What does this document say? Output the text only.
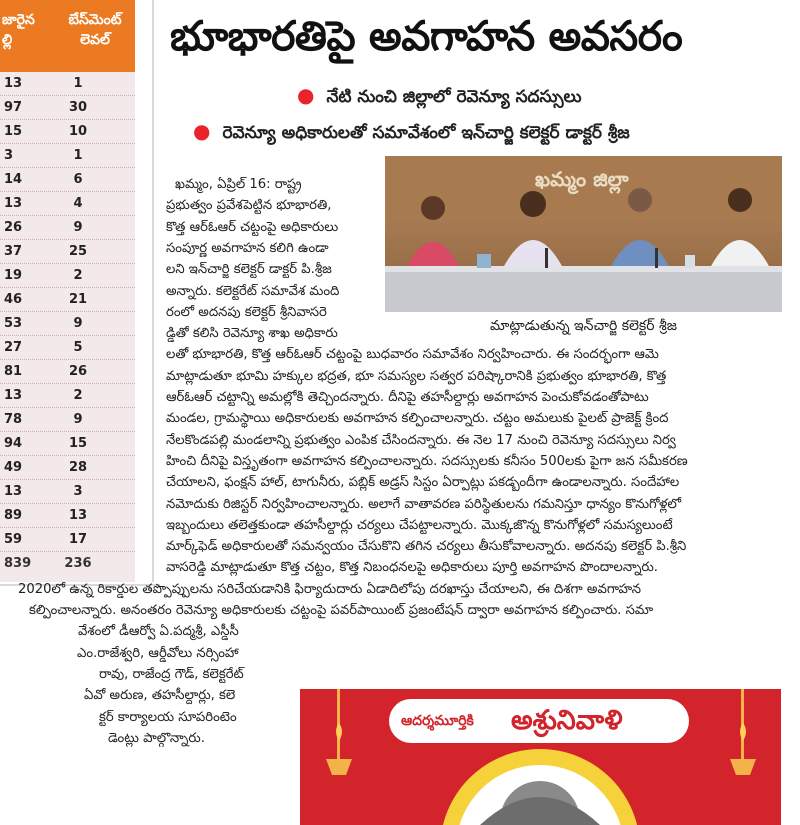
జారైన ల్లి
బేస్‌మెంట్ లెవల్
13	1
97	30
15	10
3	1
14	6
13	4
26	9
37	25
19	2
46	21
53	9
27	5
81	26
13	2
78	9
94	15
49	28
13	3
89	13
59	17
839	236
భూభారతిపై అవగాహన అవసరం
● నేటి నుంచి జిల్లాలో రెవెన్యూ సదస్సులు
● రెవెన్యూ అధికారులతో సమావేశంలో ఇన్‌చార్జి కలెక్టర్ డాక్టర్ శ్రీజ
ఖమ్మం జిల్లా
మాట్లాడుతున్న ఇన్‌చార్జి కలెక్టర్ శ్రీజ
ఖమ్మం, ఏప్రిల్ 16: రాష్ట్ర
ప్రభుత్వం ప్రవేశపెట్టిన భూభారతి,
కొత్త ఆర్ఓఆర్ చట్టంపై అధికారులు
సంపూర్ణ అవగాహన కలిగి ఉండా
లని ఇన్‌చార్జి కలెక్టర్ డాక్టర్ పి.శ్రీజ
అన్నారు. కలెక్టరేట్ సమావేశ మంది
రంలో అదనపు కలెక్టర్ శ్రీనివాసరె
డ్డితో కలిసి రెవెన్యూ శాఖ అధికారు
లతో భూభారతి, కొత్త ఆర్ఓఆర్ చట్టంపై బుధవారం సమావేశం నిర్వహించారు. ఈ సందర్భంగా ఆమె
మాట్లాడుతూ భూమి హక్కుల భద్రత, భూ సమస్యల సత్వర పరిష్కారానికి ప్రభుత్వం భూభారతి, కొత్త
ఆర్ఓఆర్ చట్టాన్ని అమల్లోకి తెచ్చిందన్నారు. దీనిపై తహసీల్దార్లు అవగాహన పెంచుకోవడంతోపాటు
మండల, గ్రామస్థాయి అధికారులకు అవగాహన కల్పించాలన్నారు. చట్టం అమలుకు పైలట్ ప్రాజెక్ట్ క్రింద
నేలకొండపల్లి మండలాన్ని ప్రభుత్వం ఎంపిక చేసిందన్నారు. ఈ నెల 17 నుంచి రెవెన్యూ సదస్సులు నిర్వ
హించి దీనిపై విస్తృతంగా అవగాహన కల్పించాలన్నారు. సదస్సులకు కనీసం 500లకు పైగా జన సమీకరణ
చేయాలని, ఫంక్షన్ హాల్, టాగునీరు, పబ్లిక్ అడ్రస్ సిస్టం ఏర్పాట్లు పకడ్బందీగా ఉండాలన్నారు. సందేహాల
నమోదుకు రిజిస్టర్ నిర్వహించాలన్నారు. అలాగే వాతావరణ పరిస్థితులను గమనిస్తూ ధాన్యం కొనుగోళ్లలో
ఇబ్బందులు తలెత్తకుండా తహసీల్దార్లు చర్యలు చేపట్టాలన్నారు. మొక్కజొన్న కొనుగోళ్లలో సమస్యలుంటే
మార్క్‌ఫెడ్ అధికారులతో సమన్వయం చేసుకొని తగిన చర్యలు తీసుకోవాలన్నారు. అదనపు కలెక్టర్ పి.శ్రీని
వాసరెడ్డి మాట్లాడుతూ కొత్త చట్టం, కొత్త నిబంధనలపై అధికారులు పూర్తి అవగాహన పొందాలన్నారు.
2020లో ఉన్న రికార్డుల తప్పొప్పులను సరిచేయడానికి ఫిర్యాదుదారు ఏడాదిలోపు దరఖాస్తు చేయాలని, ఈ దిశగా అవగాహన
కల్పించాలన్నారు. అనంతరం రెవెన్యూ అధికారులకు చట్టంపై పవర్‌పాయింట్ ప్రజంటేషన్ ద్వారా అవగాహన కల్పించారు. సమా
వేశంలో డీఆర్వో ఏ.పద్మశ్రీ, ఎస్డీసీ
ఎం.రాజేశ్వరి, ఆర్డీవోలు నర్సింహా
రావు, రాజేంద్ర గౌడ్, కలెక్టరేట్
ఏవో అరుణ, తహసీల్దార్లు, కలె
క్టర్ కార్యాలయ సూపరింటెం
డెంట్లు పాల్గొన్నారు.
ఆదర్శమూర్తికి అశ్రునివాళి
